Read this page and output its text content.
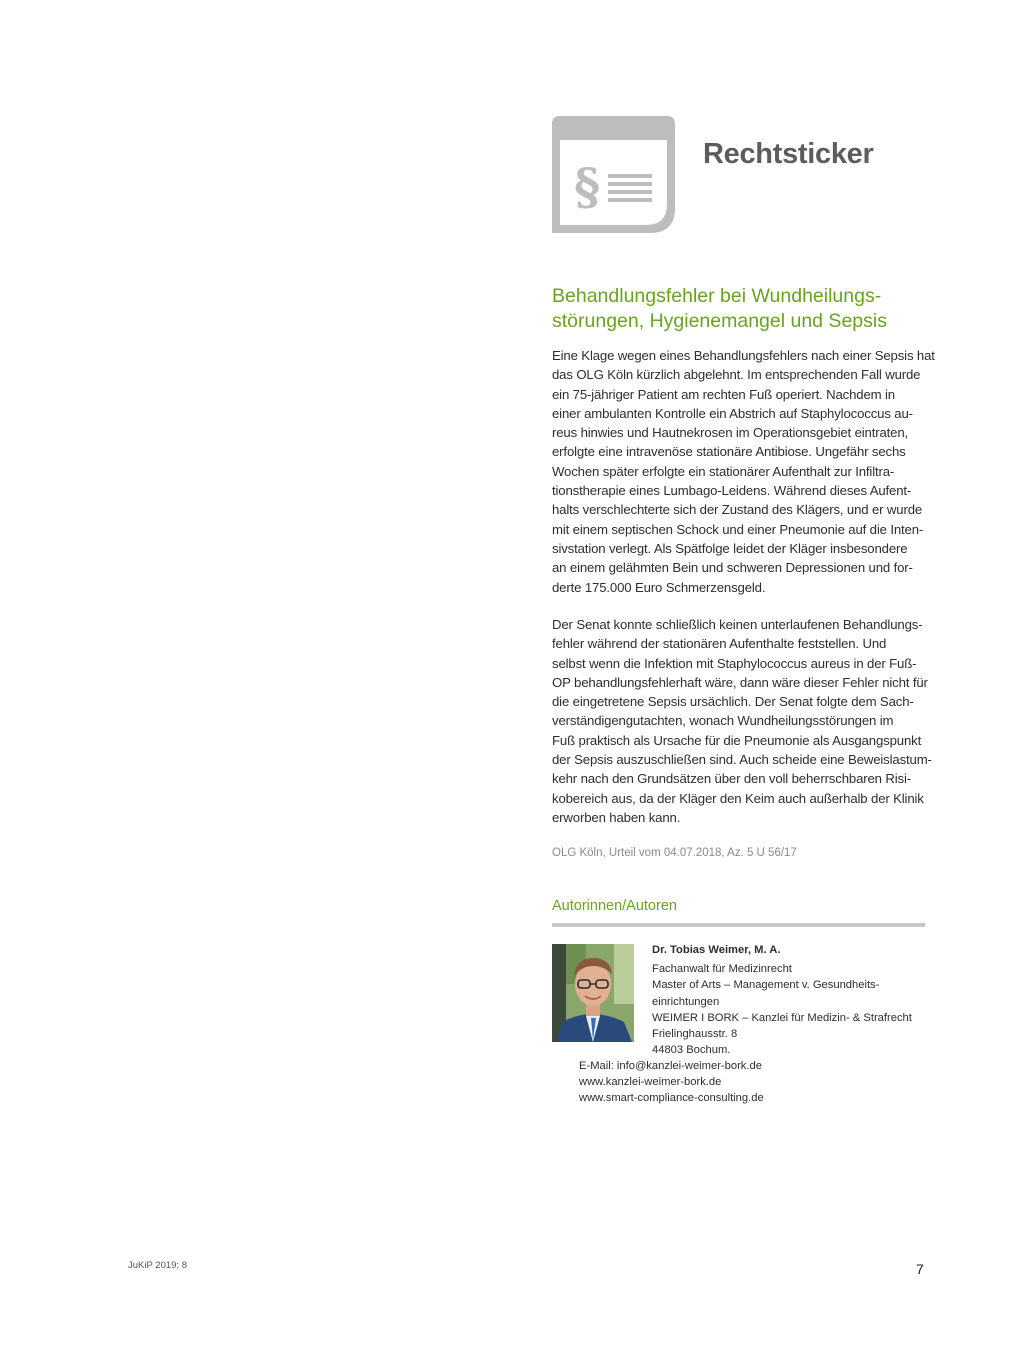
§
Rechtsticker
Behandlungsfehler bei Wundheilungs-
störungen, Hygienemangel und Sepsis
Eine Klage wegen eines Behandlungsfehlers nach einer Sepsis hat
das OLG Köln kürzlich abgelehnt. Im entsprechenden Fall wurde
ein 75-jähriger Patient am rechten Fuß operiert. Nachdem in
einer ambulanten Kontrolle ein Abstrich auf Staphylococcus au-
reus hinwies und Hautnekrosen im Operationsgebiet eintraten,
erfolgte eine intravenöse stationäre Antibiose. Ungefähr sechs
Wochen später erfolgte ein stationärer Aufenthalt zur Infiltra-
tionstherapie eines Lumbago-Leidens. Während dieses Aufent-
halts verschlechterte sich der Zustand des Klägers, und er wurde
mit einem septischen Schock und einer Pneumonie auf die Inten-
sivstation verlegt. Als Spätfolge leidet der Kläger insbesondere
an einem gelähmten Bein und schweren Depressionen und for-
derte 175.000 Euro Schmerzensgeld.
Der Senat konnte schließlich keinen unterlaufenen Behandlungs-
fehler während der stationären Aufenthalte feststellen. Und
selbst wenn die Infektion mit Staphylococcus aureus in der Fuß-
OP behandlungsfehlerhaft wäre, dann wäre dieser Fehler nicht für
die eingetretene Sepsis ursächlich. Der Senat folgte dem Sach-
verständigengutachten, wonach Wundheilungsstörungen im
Fuß praktisch als Ursache für die Pneumonie als Ausgangspunkt
der Sepsis auszuschließen sind. Auch scheide eine Beweislastum-
kehr nach den Grundsätzen über den voll beherrschbaren Risi-
kobereich aus, da der Kläger den Keim auch außerhalb der Klinik
erworben haben kann.
OLG Köln, Urteil vom 04.07.2018, Az. 5 U 56/17
Autorinnen/Autoren
Dr. Tobias Weimer, M. A.
Fachanwalt für Medizinrecht
Master of Arts – Management v. Gesundheits-
einrichtungen
WEIMER I BORK – Kanzlei für Medizin- & Strafrecht
Frielinghausstr. 8
44803 Bochum.
E-Mail: info@kanzlei-weimer-bork.de
www.kanzlei-weimer-bork.de
www.smart-compliance-consulting.de
JuKiP 2019; 8	7
